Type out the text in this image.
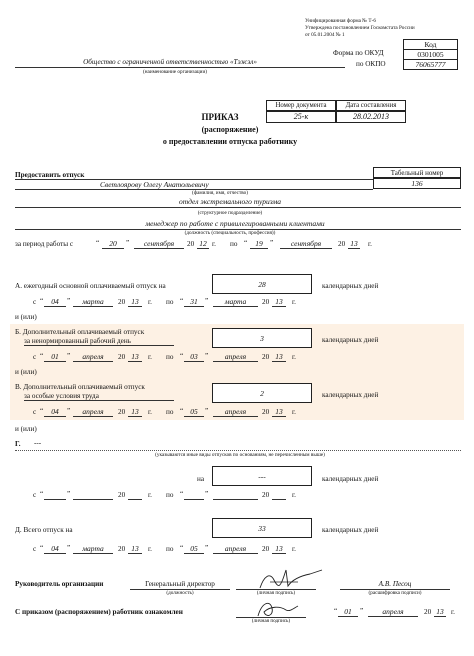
Унифицированная форма № Т-6
Утверждена постановлением Госкомстата России
от 05.01.2004 № 1
Код
Форма по ОКУД	0301005
по ОКПО	76065777
Общество с ограниченной ответственностью «Тэжэл»
(наименование организации)
Номер документа	Дата составления
25-к	28.02.2013
ПРИКАЗ
(распоряжение)
о предоставлении отпуска работнику
Предоставить отпуск	Табельный номер
136
Светлоярову Олегу Анатольевичу
(фамилия, имя, отчество)
отдел экстремального туризма
(структурное подразделение)
менеджер по работе с привилегированными клиентами
(должность (специальность, профессия))
за период работы с	“	20	”	сентября	20 12 г. по “	19	”	сентября	20 13	г.
А. ежегодный основной оплачиваемый отпуск на	28	календарных дней
с “	04	”	марта	20 13	г. по “ 31	”	марта	20 13	г.
и (или)
Б. Дополнительный оплачиваемый отпуск
за ненормированный рабочий день	3	календарных дней
с “	01	”	апреля	20 13	г. по “ 03	”	апреля	20 13	г.
и (или)
В. Дополнительный оплачиваемый отпуск
за особые условия труда	2	календарных дней
с “	04	”	апреля	20 13	г. по “ 05	”	апреля	20 13	г.
и (или)
Г. ---
(указываются иные виды отпусков по основаниям, не перечисленным выше)
на	---	календарных дней
с “	”	20	г. по “	”	20	г.
Д. Всего отпуск на	33	календарных дней
с “	04	”	марта	20 13	г. по “ 05	”	апреля	20 13	г.
Руководитель организации	Генеральный директор
(должность)	(личная подпись)
А.В. Песоц
(расшифровка подписи)
С приказом (распоряжением) работник ознакомлен
(личная подпись)
“ 01	”	апреля	20 13	г.
